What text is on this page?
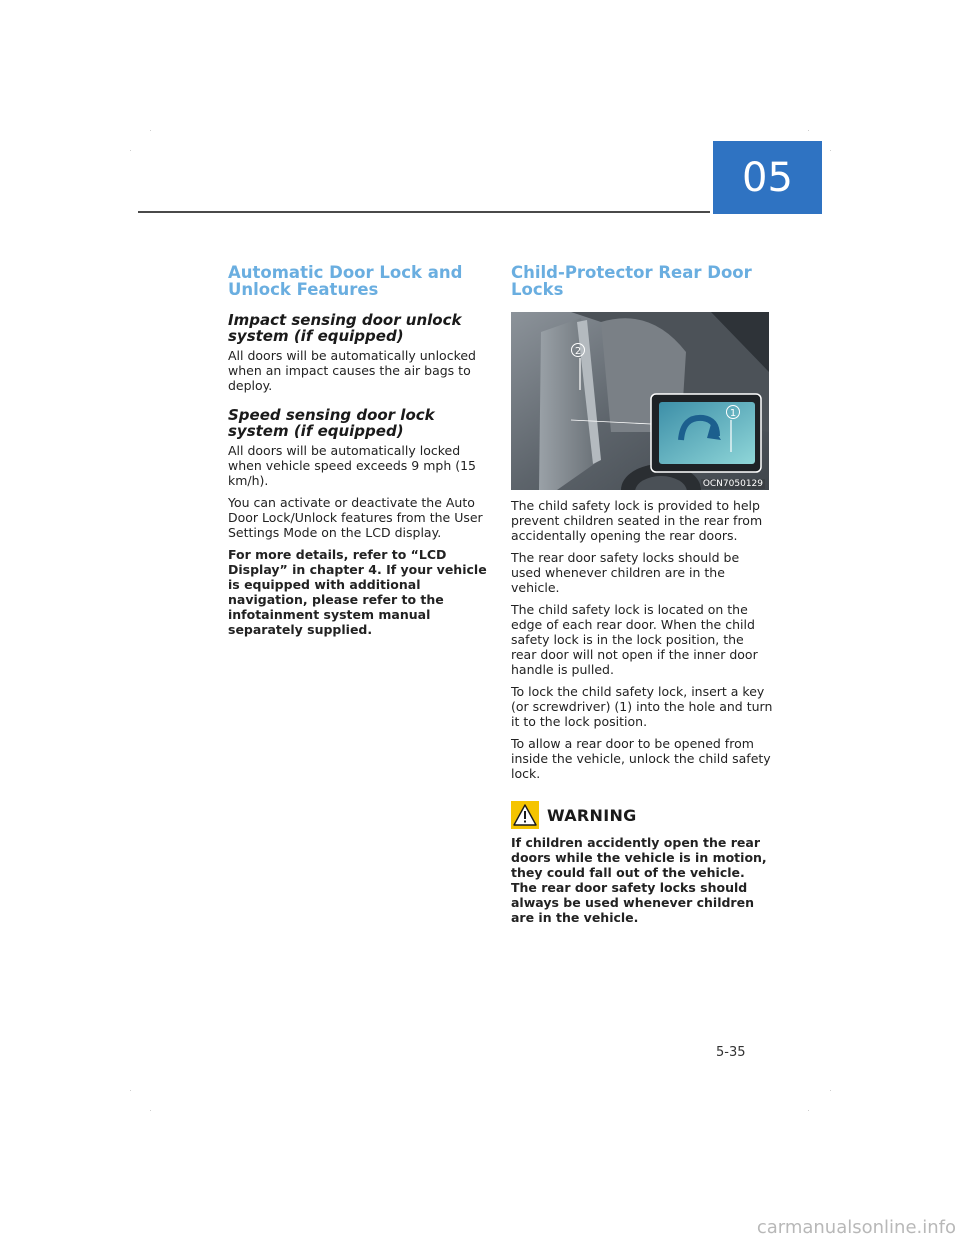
05
Automatic Door Lock and Unlock Features
Impact sensing door unlock system (if equipped)

All doors will be automatically unlocked when an impact causes the air bags to deploy.

Speed sensing door lock system (if equipped)

All doors will be automatically locked when vehicle speed exceeds 9 mph (15 km/h).

You can activate or deactivate the Auto Door Lock/Unlock features from the User Settings Mode on the LCD display.

For more details, refer to “LCD Display” in chapter 4. If your vehicle is equipped with additional navigation, please refer to the infotainment system manual separately supplied.

Child-Protector Rear Door Locks
2
1
OCN7050129

The child safety lock is provided to help prevent children seated in the rear from accidentally opening the rear doors.

The rear door safety locks should be used whenever children are in the vehicle.

The child safety lock is located on the edge of each rear door. When the child safety lock is in the lock position, the rear door will not open if the inner door handle is pulled.

To lock the child safety lock, insert a key (or screwdriver) (1) into the hole and turn it to the lock position.

To allow a rear door to be opened from inside the vehicle, unlock the child safety lock.

WARNING

If children accidently open the rear doors while the vehicle is in motion, they could fall out of the vehicle. The rear door safety locks should always be used whenever children are in the vehicle.

5-35
carmanualsonline.info
